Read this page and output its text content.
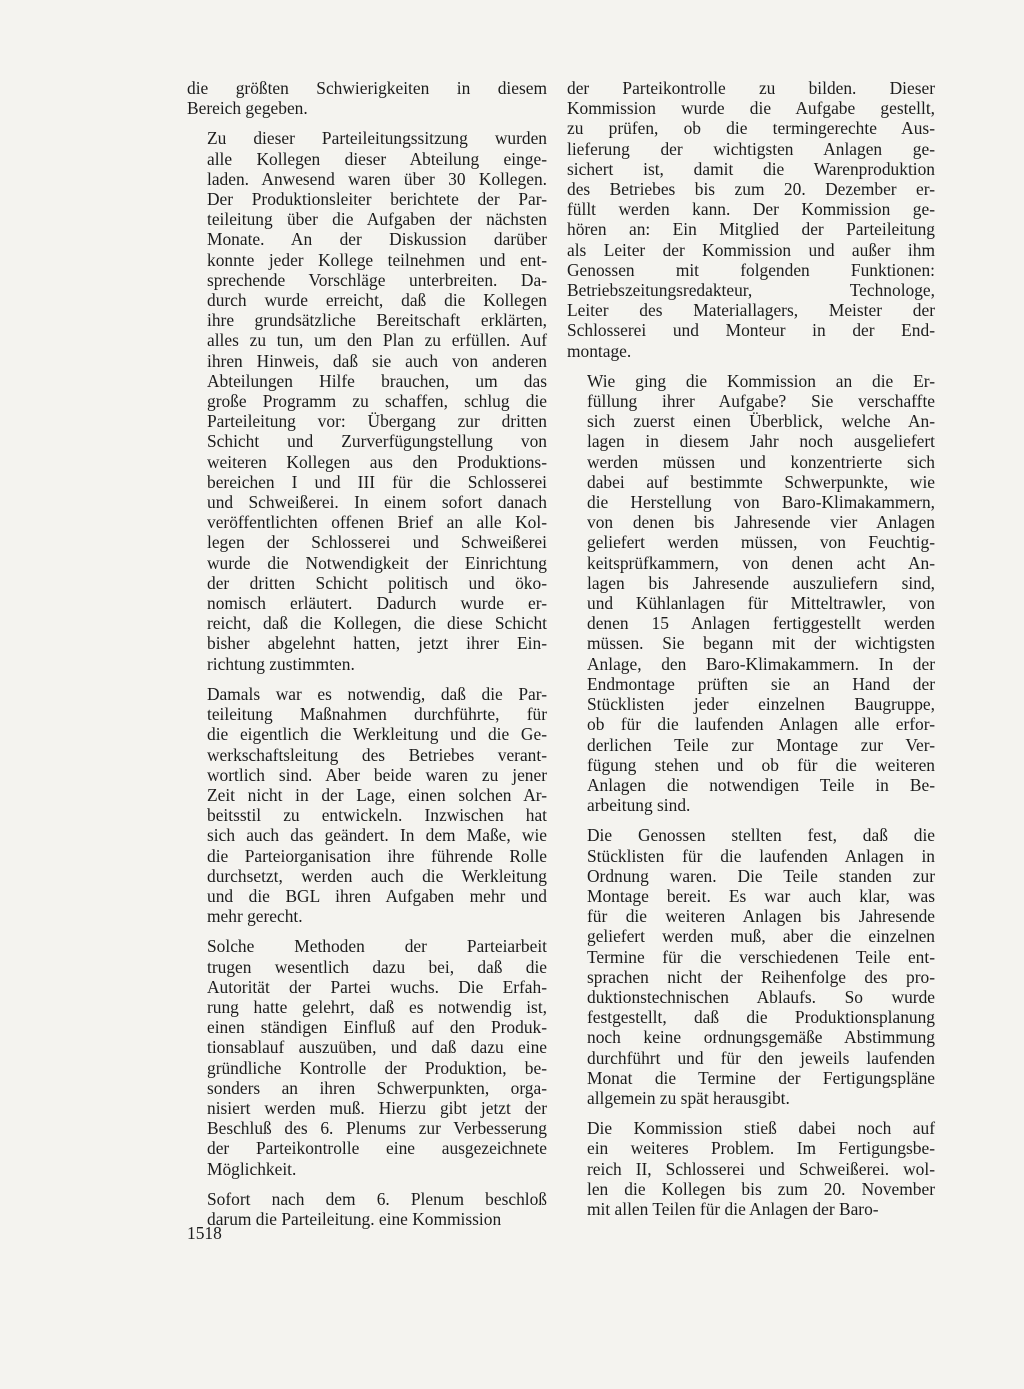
die größten Schwierigkeiten in diesem
Bereich gegeben.
Zu dieser Parteileitungssitzung wurden
alle Kollegen dieser Abteilung einge-
laden. Anwesend waren über 30 Kollegen.
Der Produktionsleiter berichtete der Par-
teileitung über die Aufgaben der nächsten
Monate. An der Diskussion darüber
konnte jeder Kollege teilnehmen und ent-
sprechende Vorschläge unterbreiten. Da-
durch wurde erreicht, daß die Kollegen
ihre grundsätzliche Bereitschaft erklärten,
alles zu tun, um den Plan zu erfüllen. Auf
ihren Hinweis, daß sie auch von anderen
Abteilungen Hilfe brauchen, um das
große Programm zu schaffen, schlug die
Parteileitung vor: Übergang zur dritten
Schicht und Zurverfügungstellung von
weiteren Kollegen aus den Produktions-
bereichen I und III für die Schlosserei
und Schweißerei. In einem sofort danach
veröffentlichten offenen Brief an alle Kol-
legen der Schlosserei und Schweißerei
wurde die Notwendigkeit der Einrichtung
der dritten Schicht politisch und öko-
nomisch erläutert. Dadurch wurde er-
reicht, daß die Kollegen, die diese Schicht
bisher abgelehnt hatten, jetzt ihrer Ein-
richtung zustimmten.
Damals war es notwendig, daß die Par-
teileitung Maßnahmen durchführte, für
die eigentlich die Werkleitung und die Ge-
werkschaftsleitung des Betriebes verant-
wortlich sind. Aber beide waren zu jener
Zeit nicht in der Lage, einen solchen Ar-
beitsstil zu entwickeln. Inzwischen hat
sich auch das geändert. In dem Maße, wie
die Parteiorganisation ihre führende Rolle
durchsetzt, werden auch die Werkleitung
und die BGL ihren Aufgaben mehr und
mehr gerecht.
Solche Methoden der Parteiarbeit
trugen wesentlich dazu bei, daß die
Autorität der Partei wuchs. Die Erfah-
rung hatte gelehrt, daß es notwendig ist,
einen ständigen Einfluß auf den Produk-
tionsablauf auszuüben, und daß dazu eine
gründliche Kontrolle der Produktion, be-
sonders an ihren Schwerpunkten, orga-
nisiert werden muß. Hierzu gibt jetzt der
Beschluß des 6. Plenums zur Verbesserung
der Parteikontrolle eine ausgezeichnete
Möglichkeit.
Sofort nach dem 6. Plenum beschloß
darum die Parteileitung. eine Kommission
der Parteikontrolle zu bilden. Dieser
Kommission wurde die Aufgabe gestellt,
zu prüfen, ob die termingerechte Aus-
lieferung der wichtigsten Anlagen ge-
sichert ist, damit die Warenproduktion
des Betriebes bis zum 20. Dezember er-
füllt werden kann. Der Kommission ge-
hören an: Ein Mitglied der Parteileitung
als Leiter der Kommission und außer ihm
Genossen mit folgenden Funktionen:
Betriebszeitungsredakteur, Technologe,
Leiter des Materiallagers, Meister der
Schlosserei und Monteur in der End-
montage.
Wie ging die Kommission an die Er-
füllung ihrer Aufgabe? Sie verschaffte
sich zuerst einen Überblick, welche An-
lagen in diesem Jahr noch ausgeliefert
werden müssen und konzentrierte sich
dabei auf bestimmte Schwerpunkte, wie
die Herstellung von Baro-Klimakammern,
von denen bis Jahresende vier Anlagen
geliefert werden müssen, von Feuchtig-
keitsprüfkammern, von denen acht An-
lagen bis Jahresende auszuliefern sind,
und Kühlanlagen für Mitteltrawler, von
denen 15 Anlagen fertiggestellt werden
müssen. Sie begann mit der wichtigsten
Anlage, den Baro-Klimakammern. In der
Endmontage prüften sie an Hand der
Stücklisten jeder einzelnen Baugruppe,
ob für die laufenden Anlagen alle erfor-
derlichen Teile zur Montage zur Ver-
fügung stehen und ob für die weiteren
Anlagen die notwendigen Teile in Be-
arbeitung sind.
Die Genossen stellten fest, daß die
Stücklisten für die laufenden Anlagen in
Ordnung waren. Die Teile standen zur
Montage bereit. Es war auch klar, was
für die weiteren Anlagen bis Jahresende
geliefert werden muß, aber die einzelnen
Termine für die verschiedenen Teile ent-
sprachen nicht der Reihenfolge des pro-
duktionstechnischen Ablaufs. So wurde
festgestellt, daß die Produktionsplanung
noch keine ordnungsgemäße Abstimmung
durchführt und für den jeweils laufenden
Monat die Termine der Fertigungspläne
allgemein zu spät herausgibt.
Die Kommission stieß dabei noch auf
ein weiteres Problem. Im Fertigungsbe-
reich II, Schlosserei und Schweißerei. wol-
len die Kollegen bis zum 20. November
mit allen Teilen für die Anlagen der Baro-
1518
